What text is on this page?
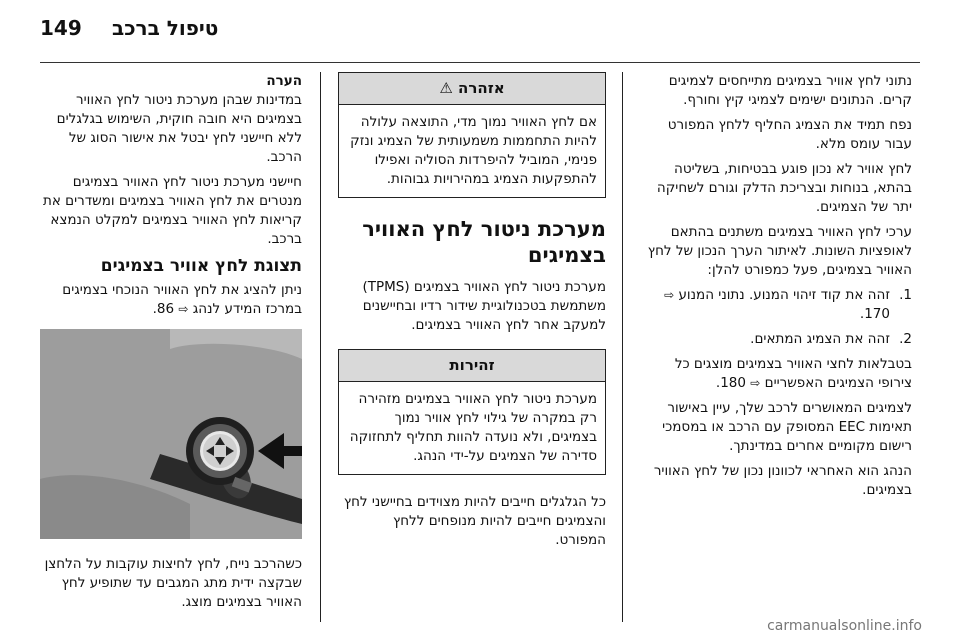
149 טיפול ברכב

נתוני לחץ אוויר בצמיגים מתייחסים לצמיגים קרים. הנתונים ישימים לצמיגי קיץ וחורף.

נפח תמיד את הצמיג החליף ללחץ המפורט עבור עומס מלא.

לחץ אוויר לא נכון פוגע בבטיחות, בשליטה בהתא, בנוחות ובצריכת הדלק וגורם לשחיקה יתר של הצמיגים.

ערכי לחץ האוויר בצמיגים משתנים בהתאם לאופציות השונות. לאיתור הערך הנכון של לחץ האוויר בצמיגים, פעל כמפורט להלן:

1.
זהה את קוד זיהוי המנוע. נתוני המנוע ⇨ 170.
2.
זהה את הצמיג המתאים.

בטבלאות לחצי האוויר בצמיגים מוצגים כל צירופי הצמיגים האפשריים ⇨ 180.

לצמיגים המאושרים לרכב שלך, עיין באישור תאימות EEC המסופק עם הרכב או במסמכי רישום מקומיים אחרים במדינתך.

הנהג הוא האחראי לכוונון נכון של לחץ האוויר בצמיגים.

אזהרה ⚠
אם לחץ האוויר נמוך מדי, התוצאה עלולה להיות התחממות משמעותית של הצמיג ונזק פנימי, המוביל להיפרדות הסוליה ואפילו להתפקעות הצמיג במהירויות גבוהות.
מערכת ניטור לחץ האוויר בצמיגים

מערכת ניטור לחץ האוויר בצמיגים (TPMS) משתמשת בטכנולוגיית שידור רדיו ובחיישנים למעקב אחר לחץ האוויר בצמיגים.

זהירות
מערכת ניטור לחץ האוויר בצמיגים מזהירה רק במקרה של גילוי לחץ אוויר נמוך בצמיגים, ולא נועדה להוות תחליף לתחזוקה סדירה של הצמיגים על-ידי הנהג.

כל הגלגלים חייבים להיות מצוידים בחיישני לחץ והצמיגים חייבים להיות מנופחים ללחץ המפורט.

הערה

במדינות שבהן מערכת ניטור לחץ האוויר בצמיגים היא חובה חוקית, השימוש בגלגלים ללא חיישני לחץ יבטל את אישור הסוג של הרכב.

חיישני מערכת ניטור לחץ האוויר בצמיגים מנטרים את לחץ האוויר בצמיגים ומשדרים את קריאות לחץ האוויר בצמיגים למקלט הנמצא ברכב.

תצוגת לחץ אוויר בצמיגים

ניתן להציג את לחץ האוויר הנוכחי בצמיגים במרכז המידע לנהג ⇨ 86.

כשהרכב נייח, לחץ לחיצות עוקבות על הלחצן שבקצה ידית מתג המגבים עד שתופיע לחץ האוויר בצמיגים מוצג.

carmanualsonline.info
